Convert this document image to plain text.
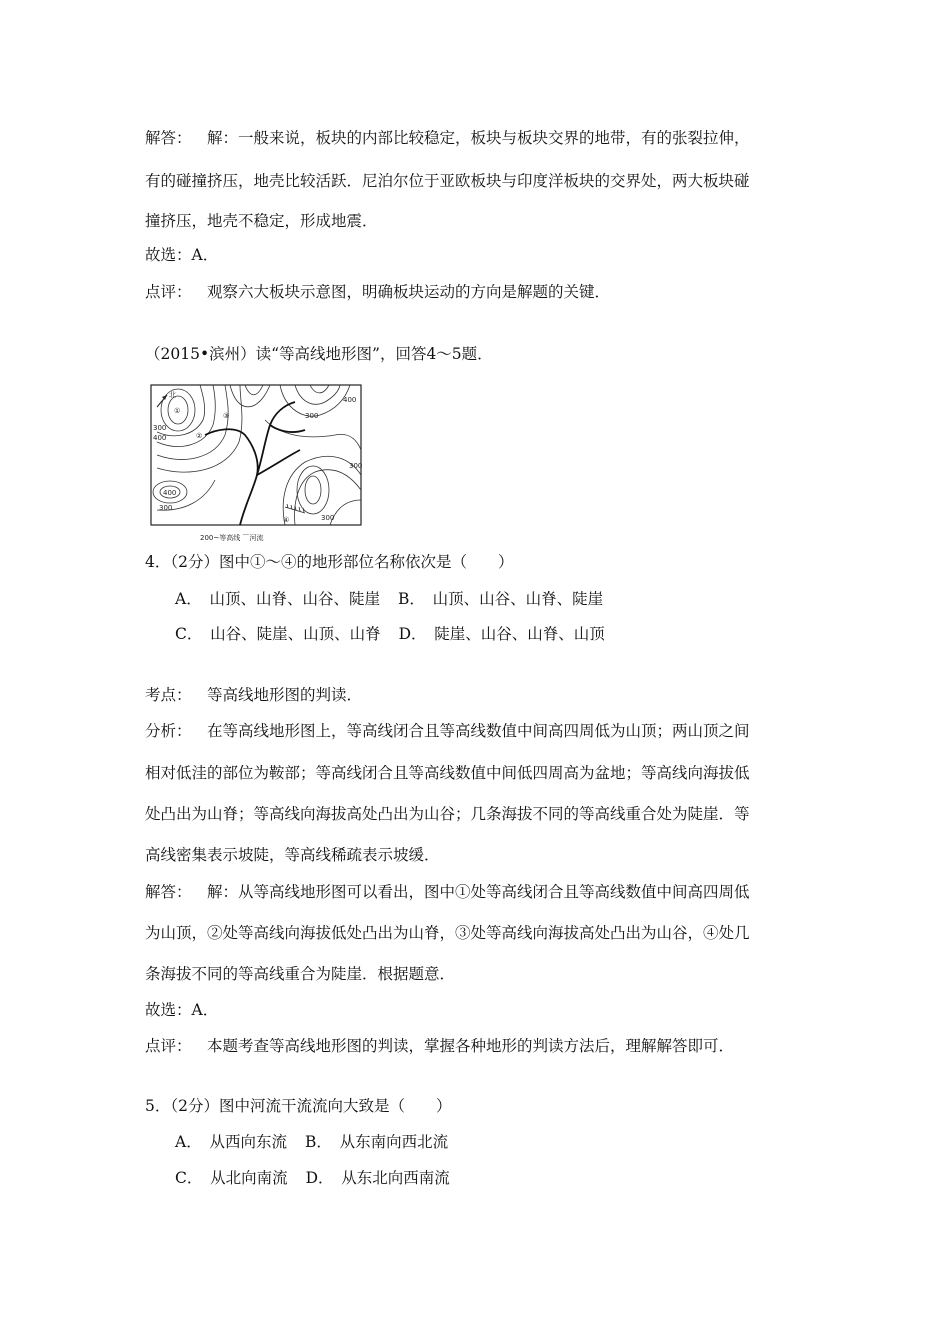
解答： 解：一般来说，板块的内部比较稳定，板块与板块交界的地带，有的张裂拉伸，
有的碰撞挤压，地壳比较活跃．尼泊尔位于亚欧板块与印度洋板块的交界处，两大板块碰
撞挤压，地壳不稳定，形成地震．
故选：A．
点评： 观察六大板块示意图，明确板块运动的方向是解题的关键．
（2015•滨州）读“等高线地形图”，回答4～5题．
北
①
②
③
④
400
300
400
300
300
400
300
300
200~等高线 ⌒河流
4．（2分）图中①～④的地形部位名称依次是（　　）
A．　山顶、山脊、山谷、陡崖 B．　山顶、山谷、山脊、陡崖
C．　山谷、陡崖、山顶、山脊 D．　陡崖、山谷、山脊、山顶
考点： 等高线地形图的判读．
分析： 在等高线地形图上，等高线闭合且等高线数值中间高四周低为山顶；两山顶之间
相对低洼的部位为鞍部；等高线闭合且等高线数值中间低四周高为盆地；等高线向海拔低
处凸出为山脊；等高线向海拔高处凸出为山谷；几条海拔不同的等高线重合处为陡崖．等
高线密集表示坡陡，等高线稀疏表示坡缓．
解答： 解：从等高线地形图可以看出，图中①处等高线闭合且等高线数值中间高四周低
为山顶，②处等高线向海拔低处凸出为山脊，③处等高线向海拔高处凸出为山谷，④处几
条海拔不同的等高线重合为陡崖．根据题意．
故选：A．
点评： 本题考查等高线地形图的判读，掌握各种地形的判读方法后，理解解答即可．
5．（2分）图中河流干流流向大致是（　　）
A．　从西向东流 B．　从东南向西北流
C．　从北向南流 D．　从东北向西南流
